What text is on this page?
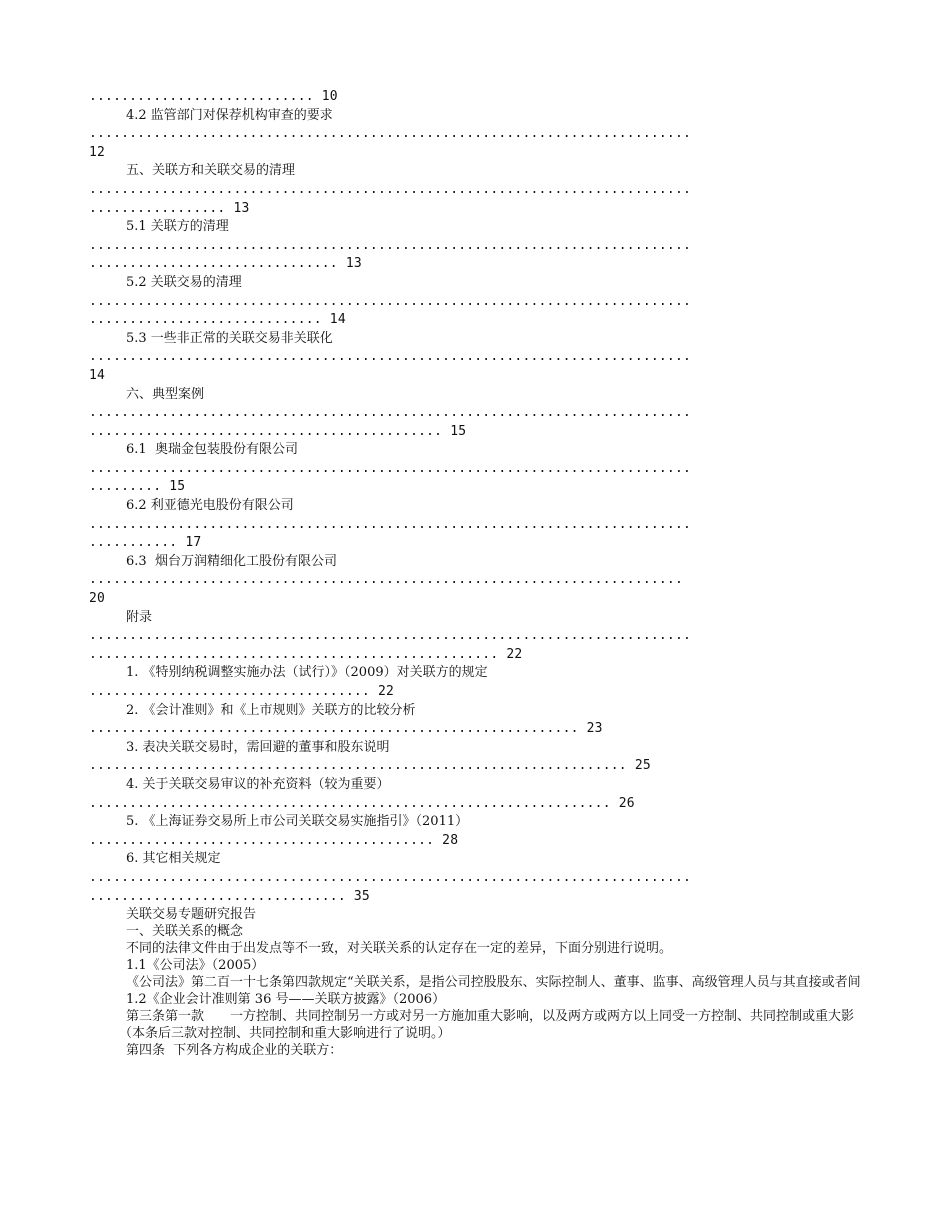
............................ 10
4.2 监管部门对保荐机构审查的要求
...........................................................................
12
五、关联方和关联交易的清理
...........................................................................
................. 13
5.1 关联方的清理
...........................................................................
............................... 13
5.2 关联交易的清理
...........................................................................
............................. 14
5.3 一些非正常的关联交易非关联化
...........................................................................
14
六、典型案例
...........................................................................
............................................ 15
6.1  奥瑞金包装股份有限公司
...........................................................................
......... 15
6.2 利亚德光电股份有限公司
...........................................................................
........... 17
6.3  烟台万润精细化工股份有限公司
..........................................................................
20
附录
...........................................................................
................................................... 22
1. 《特别纳税调整实施办法（试行）》（2009）对关联方的规定
................................... 22
2. 《会计准则》和《上市规则》关联方的比较分析
............................................................. 23
3. 表决关联交易时，需回避的董事和股东说明
................................................................... 25
4. 关于关联交易审议的补充资料（较为重要）
................................................................. 26
5. 《上海证券交易所上市公司关联交易实施指引》（2011）
........................................... 28
6. 其它相关规定
...........................................................................
................................ 35
关联交易专题研究报告
一、关联关系的概念
不同的法律文件由于出发点等不一致，对关联关系的认定存在一定的差异，下面分别进行说明。
1.1《公司法》（2005）
《公司法》第二百一十七条第四款规定“关联关系，是指公司控股股东、实际控制人、董事、监事、高级管理人员与其直接或者间
1.2《企业会计准则第 36 号——关联方披露》（2006）
第三条第一款　　一方控制、共同控制另一方或对另一方施加重大影响，以及两方或两方以上同受一方控制、共同控制或重大影
（本条后三款对控制、共同控制和重大影响进行了说明。）
第四条  下列各方构成企业的关联方：
